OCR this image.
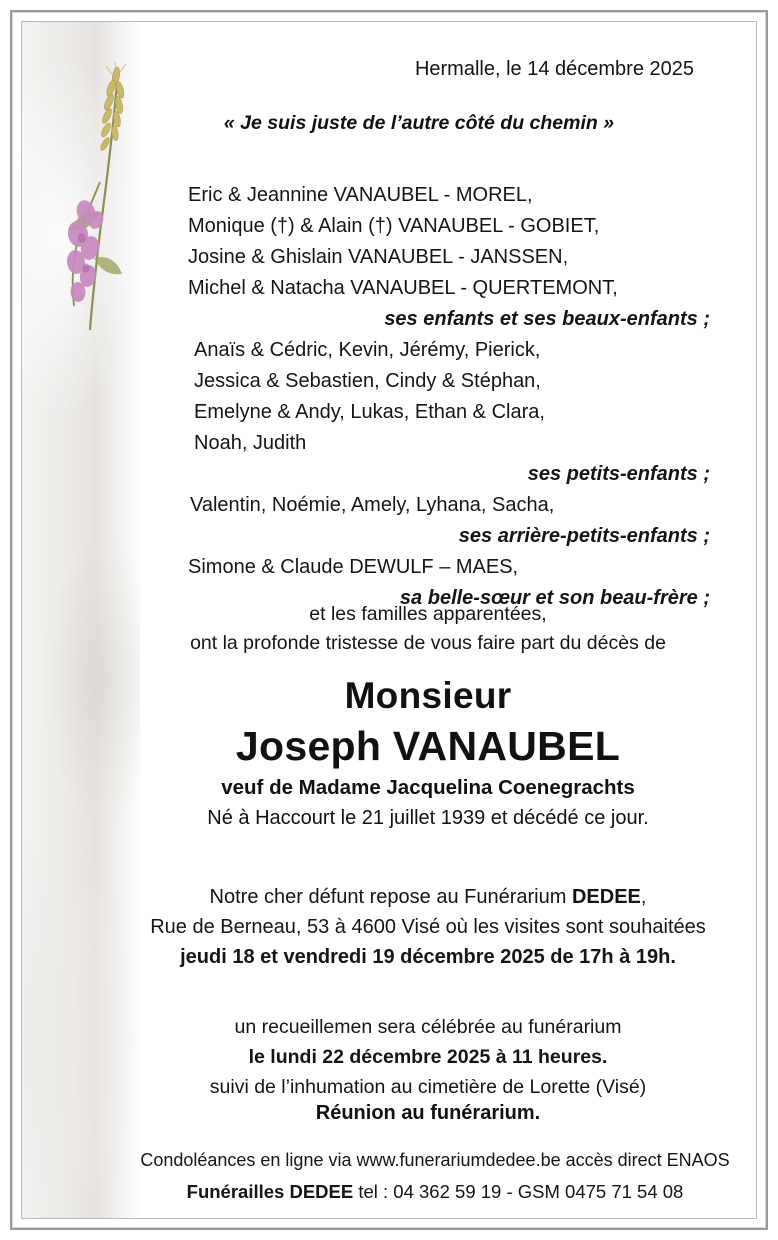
Hermalle, le 14 décembre 2025
« Je suis juste de l’autre côté du chemin »
Eric & Jeannine VANAUBEL - MOREL,
Monique (†) & Alain (†) VANAUBEL - GOBIET,
Josine & Ghislain VANAUBEL - JANSSEN,
Michel & Natacha VANAUBEL - QUERTEMONT,
ses enfants et ses beaux-enfants ;
Anaïs & Cédric, Kevin, Jérémy, Pierick,
Jessica & Sebastien, Cindy & Stéphan,
Emelyne & Andy, Lukas, Ethan & Clara,
Noah, Judith
ses petits-enfants ;
Valentin, Noémie, Amely, Lyhana, Sacha,
ses arrière-petits-enfants ;
Simone & Claude DEWULF – MAES,
sa belle-sœur et son beau-frère ;
et les familles apparentées,
ont la profonde tristesse de vous faire part du décès de
Monsieur
Joseph VANAUBEL
veuf de Madame Jacquelina Coenegrachts
Né à Haccourt le 21 juillet 1939 et décédé ce jour.
Notre cher défunt repose au Funérarium DEDEE,
Rue de Berneau, 53 à 4600 Visé où les visites sont souhaitées
jeudi 18 et vendredi 19 décembre 2025 de 17h à 19h.
un recueillemen sera célébrée au funérarium
le lundi 22 décembre 2025 à 11 heures.
suivi de l’inhumation au cimetière de Lorette (Visé)
Réunion au funérarium.
Condoléances en ligne via www.funerariumdedee.be accès direct ENAOS
Funérailles DEDEE tel : 04 362 59 19 - GSM 0475 71 54 08
